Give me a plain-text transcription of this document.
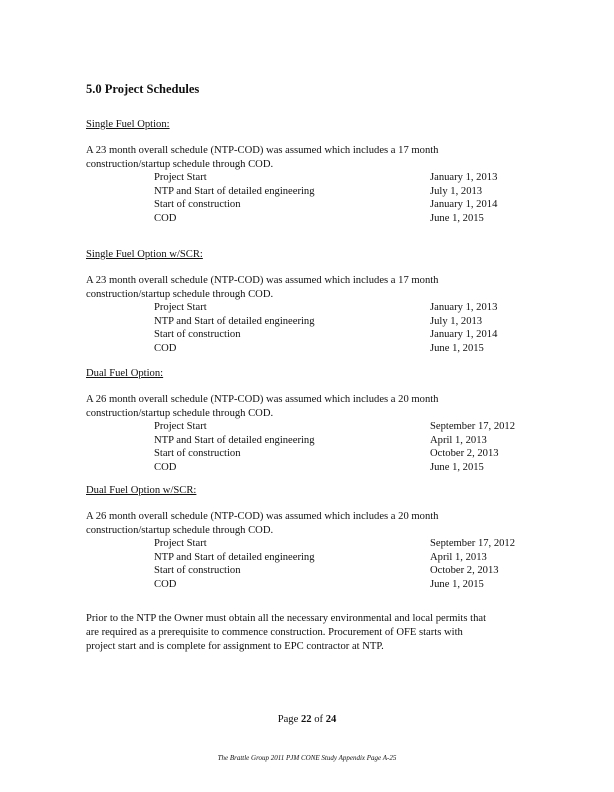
5.0 Project Schedules
Single Fuel Option:
A 23 month overall schedule (NTP-COD) was assumed which includes a 17 month
construction/startup schedule through COD.
Project Start	January 1, 2013
NTP and Start of detailed engineering	July 1, 2013
Start of construction	January 1, 2014
COD	June 1, 2015
Single Fuel Option w/SCR:
A 23 month overall schedule (NTP-COD) was assumed which includes a 17 month
construction/startup schedule through COD.
Project Start	January 1, 2013
NTP and Start of detailed engineering	July 1, 2013
Start of construction	January 1, 2014
COD	June 1, 2015
Dual Fuel Option:
A 26 month overall schedule (NTP-COD) was assumed which includes a 20 month
construction/startup schedule through COD.
Project Start	September 17, 2012
NTP and Start of detailed engineering	April 1, 2013
Start of construction	October 2, 2013
COD	June 1, 2015
Dual Fuel Option w/SCR:
A 26 month overall schedule (NTP-COD) was assumed which includes a 20 month
construction/startup schedule through COD.
Project Start	September 17, 2012
NTP and Start of detailed engineering	April 1, 2013
Start of construction	October 2, 2013
COD	June 1, 2015
Prior to the NTP the Owner must obtain all the necessary environmental and local permits that
are required as a prerequisite to commence construction. Procurement of OFE starts with
project start and is complete for assignment to EPC contractor at NTP.
Page 22 of 24
The Brattle Group 2011 PJM CONE Study Appendix Page A-25
